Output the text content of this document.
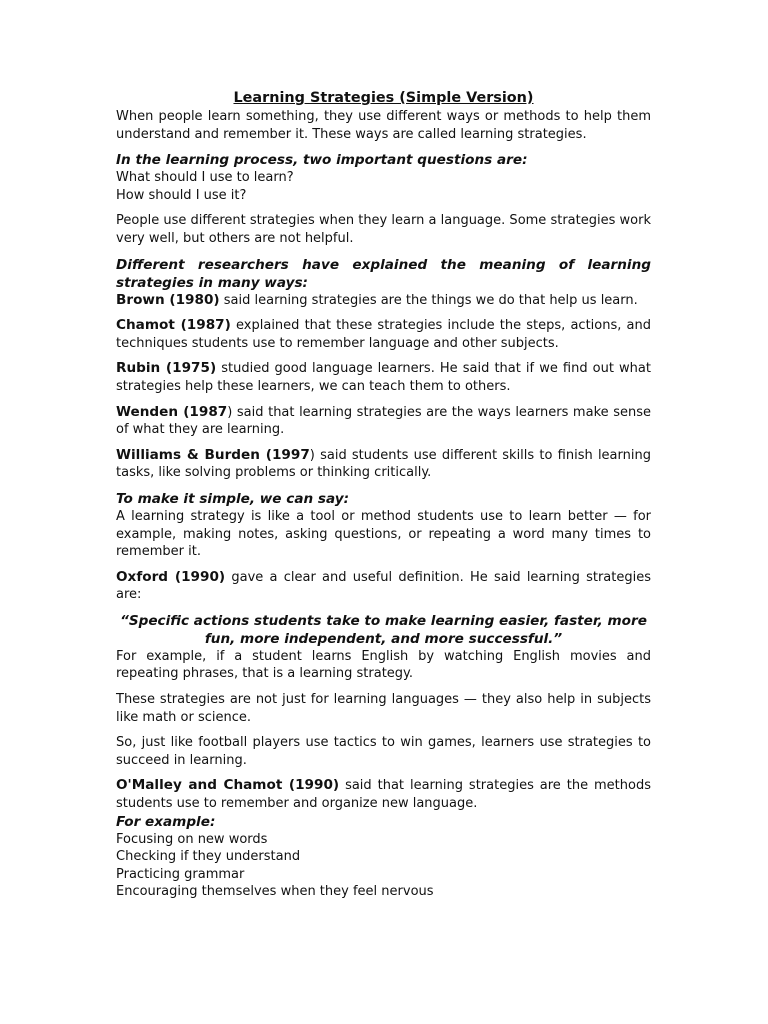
Learning Strategies (Simple Version)

When people learn something, they use different ways or methods to help them understand and remember it. These ways are called learning strategies.

In the learning process, two important questions are:

What should I use to learn?

How should I use it?

People use different strategies when they learn a language. Some strategies work very well, but others are not helpful.

Different researchers have explained the meaning of learning strategies in many ways:

Brown (1980) said learning strategies are the things we do that help us learn.

Chamot (1987) explained that these strategies include the steps, actions, and techniques students use to remember language and other subjects.

Rubin (1975) studied good language learners. He said that if we find out what strategies help these learners, we can teach them to others.

Wenden (1987) said that learning strategies are the ways learners make sense of what they are learning.

Williams & Burden (1997) said students use different skills to finish learning tasks, like solving problems or thinking critically.

To make it simple, we can say:

A learning strategy is like a tool or method students use to learn better — for example, making notes, asking questions, or repeating a word many times to remember it.

Oxford (1990) gave a clear and useful definition. He said learning strategies are:

“Specific actions students take to make learning easier, faster, more fun, more independent, and more successful.”

For example, if a student learns English by watching English movies and repeating phrases, that is a learning strategy.

These strategies are not just for learning languages — they also help in subjects like math or science.

So, just like football players use tactics to win games, learners use strategies to succeed in learning.

O'Malley and Chamot (1990) said that learning strategies are the methods students use to remember and organize new language.

For example:

Focusing on new words

Checking if they understand

Practicing grammar

Encouraging themselves when they feel nervous
